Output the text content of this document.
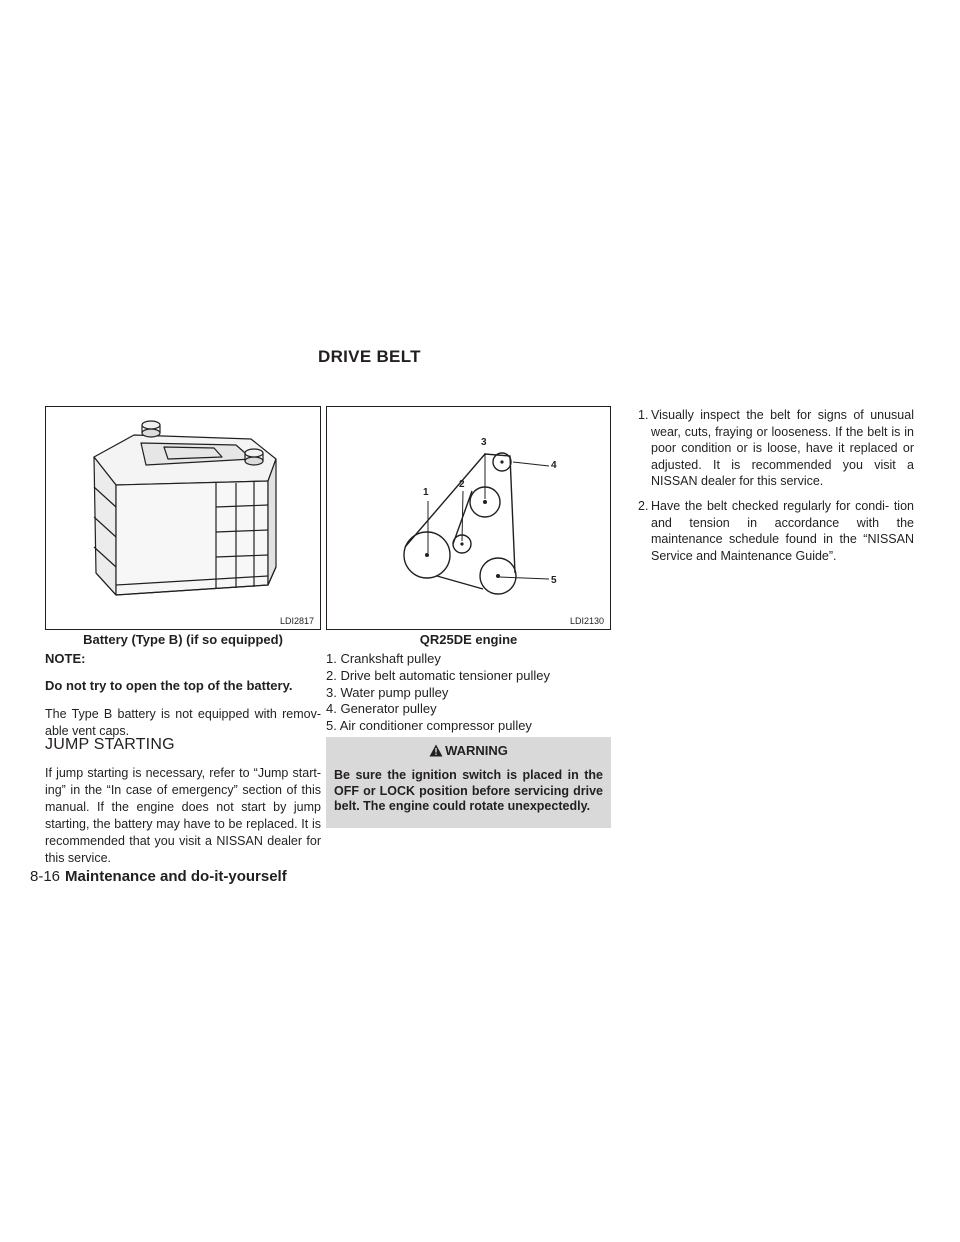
DRIVE BELT
LDI2817
Battery (Type B) (if so equipped)
1
2
3
4
5
LDI2130
QR25DE engine
NOTE:
Do not try to open the top of the battery.
The Type B battery is not equipped with remov- able vent caps.
JUMP STARTING
If jump starting is necessary, refer to “Jump start- ing” in the “In case of emergency” section of this manual. If the engine does not start by jump starting, the battery may have to be replaced. It is recommended that you visit a NISSAN dealer for this service.
1. Crankshaft pulley
2. Drive belt automatic tensioner pulley
3. Water pump pulley
4. Generator pulley
5. Air conditioner compressor pulley
WARNING
Be sure the ignition switch is placed in the OFF or LOCK position before servicing drive belt. The engine could rotate unexpectedly.
1. Visually inspect the belt for signs of unusual wear, cuts, fraying or looseness. If the belt is in poor condition or is loose, have it replaced or adjusted. It is recommended you visit a NISSAN dealer for this service.
2. Have the belt checked regularly for condi- tion and tension in accordance with the maintenance schedule found in the “NISSAN Service and Maintenance Guide”.
8-16 Maintenance and do-it-yourself
